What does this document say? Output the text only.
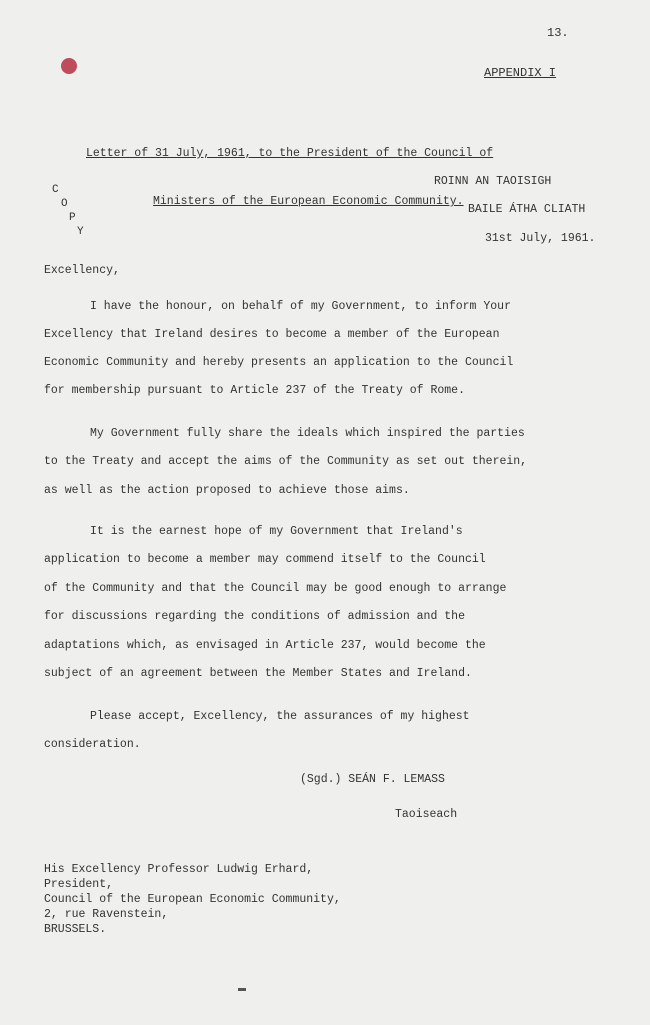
13.
APPENDIX I

Letter of 31 July, 1961, to the President of the Council of

Ministers of the European Economic Community.

C
O
P
Y
ROINN AN TAOISIGH
BAILE ÁTHA CLIATH
31st July, 1961.
Excellency,
I have the honour, on behalf of my Government, to inform Your
Excellency that Ireland desires to become a member of the European
Economic Community and hereby presents an application to the Council
for membership pursuant to Article 237 of the Treaty of Rome.
My Government fully share the ideals which inspired the parties
to the Treaty and accept the aims of the Community as set out therein,
as well as the action proposed to achieve those aims.
It is the earnest hope of my Government that Ireland's
application to become a member may commend itself to the Council
of the Community and that the Council may be good enough to arrange
for discussions regarding the conditions of admission and the
adaptations which, as envisaged in Article 237, would become the
subject of an agreement between the Member States and Ireland.
Please accept, Excellency, the assurances of my highest
consideration.
(Sgd.) SEÁN F. LEMASS
Taoiseach
His Excellency Professor Ludwig Erhard,
President,
Council of the European Economic Community,
2, rue Ravenstein,
BRUSSELS.
